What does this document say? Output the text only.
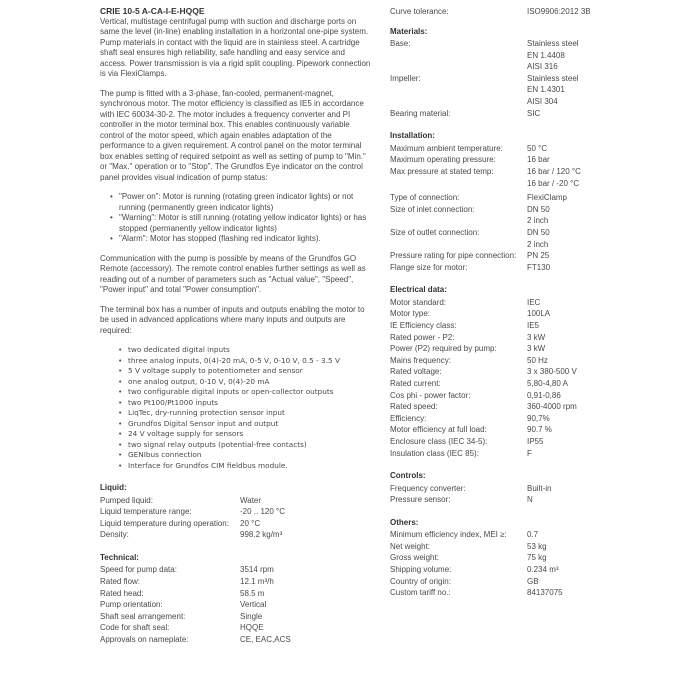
CRIE 10-5 A-CA-I-E-HQQE

Vertical, multistage centrifugal pump with suction and discharge ports on same the level (in-line) enabling installation in a horizontal one-pipe system. Pump materials in contact with the liquid are in stainless steel. A cartridge shaft seal ensures high reliability, safe handling and easy service and access. Power transmission is via a rigid split coupling. Pipework connection is via FlexiClamps.

The pump is fitted with a 3-phase, fan-cooled, permanent-magnet, synchronous motor. The motor efficiency is classified as IE5 in accordance with IEC 60034-30-2. The motor includes a frequency converter and PI controller in the motor terminal box. This enables continuously variable control of the motor speed, which again enables adaptation of the performance to a given requirement. A control panel on the motor terminal box enables setting of required setpoint as well as setting of pump to "Min." or "Max." operation or to "Stop". The Grundfos Eye indicator on the control panel provides visual indication of pump status:

• "Power on": Motor is running (rotating green indicator lights) or not running (permanently green indicator lights)
• "Warning": Motor is still running (rotating yellow indicator lights) or has stopped (permanently yellow indicator lights)
• "Alarm": Motor has stopped (flashing red indicator lights).

Communication with the pump is possible by means of the Grundfos GO Remote (accessory). The remote control enables further settings as well as reading out of a number of parameters such as "Actual value", "Speed", "Power input" and total "Power consumption".

The terminal box has a number of inputs and outputs enabling the motor to be used in advanced applications where many inputs and outputs are required:

• two dedicated digital inputs
• three analog inputs, 0(4)-20 mA, 0-5 V, 0-10 V, 0.5 - 3.5 V
• 5 V voltage supply to potentiometer and sensor
• one analog output, 0-10 V, 0(4)-20 mA
• two configurable digital inputs or open-collector outputs
• two Pt100/Pt1000 inputs
• LiqTec, dry-running protection sensor input
• Grundfos Digital Sensor input and output
• 24 V voltage supply for sensors
• two signal relay outputs (potential-free contacts)
• GENIbus connection
• Interface for Grundfos CIM fieldbus module.
Liquid:
Pumped liquid:	Water
Liquid temperature range:	-20 .. 120 °C
Liquid temperature during operation:	20 °C
Density:	998.2 kg/m³
Technical:
Speed for pump data:	3514 rpm
Rated flow:	12.1 m³/h
Rated head:	58.5 m
Pump orientation:	Vertical
Shaft seal arrangement:	Single
Code for shaft seal:	HQQE
Approvals on nameplate:	CE, EAC,ACS
Curve tolerance:	ISO9906:2012 3B
Materials:
Base:	Stainless steel
EN 1.4408
AISI 316
Impeller:	Stainless steel
EN 1.4301
AISI 304
Bearing material:	SIC
Installation:
Maximum ambient temperature:	50 °C
Maximum operating pressure:	16 bar
Max pressure at stated temp:	16 bar / 120 °C
16 bar / -20 °C
Type of connection:	FlexiClamp
Size of inlet connection:	DN 50
2 inch
Size of outlet connection:	DN 50
2 inch
Pressure rating for pipe connection:	PN 25
Flange size for motor:	FT130
Electrical data:
Motor standard:	IEC
Motor type:	100LA
IE Efficiency class:	IE5
Rated power - P2:	3 kW
Power (P2) required by pump:	3 kW
Mains frequency:	50 Hz
Rated voltage:	3 x 380-500 V
Rated current:	5,80-4,80 A
Cos phi - power factor:	0,91-0,86
Rated speed:	360-4000 rpm
Efficiency:	90,7%
Motor efficiency at full load:	90.7 %
Enclosure class (IEC 34-5):	IP55
Insulation class (IEC 85):	F
Controls:
Frequency converter:	Built-in
Pressure sensor:	N
Others:
Minimum efficiency index, MEI ≥:	0.7
Net weight:	53 kg
Gross weight:	75 kg
Shipping volume:	0.234 m³
Country of origin:	GB
Custom tariff no.:	84137075
